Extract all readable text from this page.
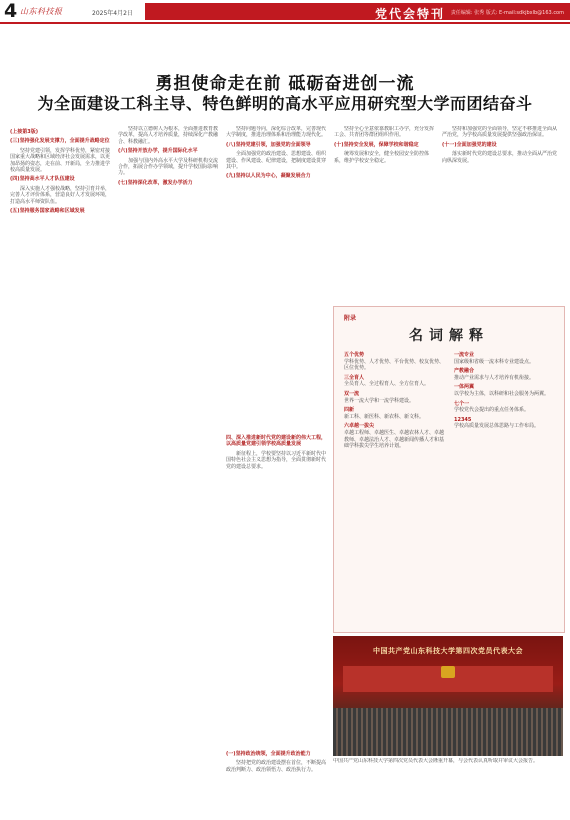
4 山东科技报	2025年4月2日	党代会特刊 责任编辑: 张秀 版式: E-mail:sdkjbxlb@163.com
勇担使命走在前 砥砺奋进创一流
为全面建设工科主导、特色鲜明的高水平应用研究型大学而团结奋斗
(上接第3版)
(三)坚持强化发展支撑力，全面提升战略定位

坚持党建引领，发挥学科优势，紧密对接国家重大战略和区域经济社会发展需求，以更加昂扬的姿态，走在前、开新局，全力推进学校高质量发展。

(四)坚持高水平人才队伍建设

深入实施人才强校战略，坚持引育并举，完善人才评价体系，营造良好人才发展环境，打造高水平师资队伍。

(五)坚持服务国家战略和区域发展

坚持以立德树人为根本，全面推进教育教学改革，提高人才培养质量，持续深化产教融合、科教融汇。

(六)坚持开放办学，提升国际化水平

加强与国内外高水平大学及科研机构交流合作，拓展合作办学领域，提升学校国际影响力。

(七)坚持深化改革，激发办学活力

坚持问题导向，深化综合改革，完善现代大学制度，推进治理体系和治理能力现代化。

(八)坚持党建引领，加强党的全面领导

全面加强党的政治建设、思想建设、组织建设、作风建设、纪律建设，把制度建设贯穿其中。

(九)坚持以人民为中心，凝聚发展合力

坚持全心全意依靠教职工办学，充分发挥工会、共青团等群团组织作用。

(十)坚持安全发展，保障学校和谐稳定

统筹发展和安全，健全校园安全防控体系，维护学校安全稳定。

坚持和加强党的全面领导，坚定不移推进全面从严治党，为学校高质量发展提供坚强政治保证。

(十一)全面加强党的建设

落实新时代党的建设总要求，推动全面从严治党向纵深发展。

四、深入推进新时代党的建设新的伟大工程，以高质量党建引领学校高质量发展

新征程上，学校要坚持以习近平新时代中国特色社会主义思想为指导，全面贯彻新时代党的建设总要求。

(一)坚持政治统领，全面提升政治能力

坚持把党的政治建设摆在首位，不断提高政治判断力、政治领悟力、政治执行力。

附录
名词解释
五个优势
学科优势、人才优势、平台优势、校友优势、区位优势。
三全育人
全员育人、全过程育人、全方位育人。
双一流
世界一流大学和一流学科建设。
四新
新工科、新医科、新农科、新文科。
六卓越一拔尖
卓越工程师、卓越医生、卓越农林人才、卓越教师、卓越法治人才、卓越新闻传播人才和基础学科拔尖学生培养计划。
一流专业
国家级和省级一流本科专业建设点。
产教融合
推动产业需求与人才培养有机衔接。
一体两翼
以学校为主体，以科研和社会服务为两翼。
七个一
学校党代会提出的重点任务体系。
12345
学校高质量发展总体思路与工作布局。
中国共产党山东科技大学第四次党员代表大会
中国共产党山东科技大学第四次党员代表大会隆重开幕，与会代表认真听取并审议大会报告。
